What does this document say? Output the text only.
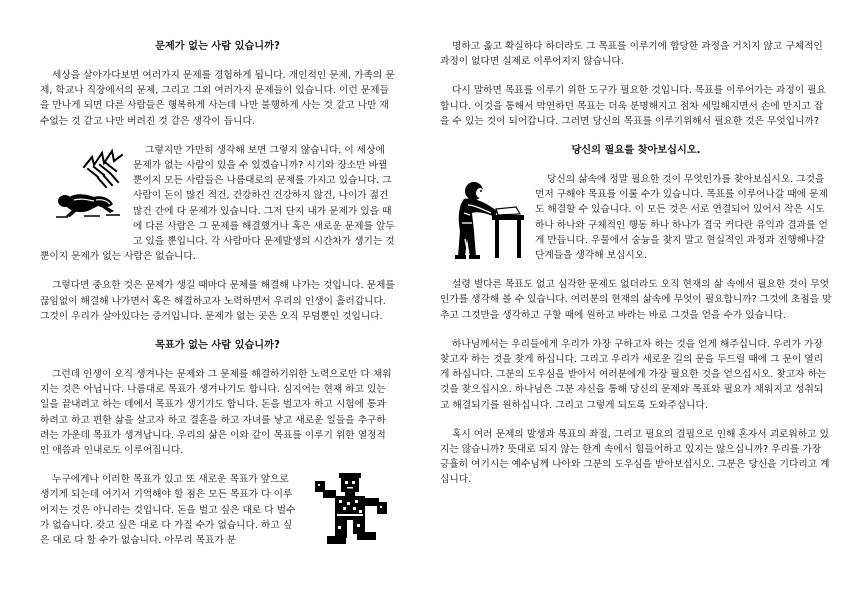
문제가 없는 사람 있습니까?

세상을 살아가다보면 여러가지 문제를 경험하게 됩니다. 개인적인 문제, 가족의 문제, 학교나 직장에서의 문제, 그리고 그외 여러가지 문제들이 있습니다. 이런 문제들을 만나게 되면 다른 사람들은 행복하게 사는데 나만 불행하게 사는 것 같고 나만 재수없는 것 같고 나만 버려진 것 같은 생각이 듭니다.

그렇지만 가만히 생각해 보면 그렇지 않습니다. 이 세상에 문제가 없는 사람이 있을 수 있겠습니까? 시기와 장소만 바뀔 뿐이지 모든 사람들은 나름대로의 문제를 가지고 있습니다. 그 사람이 돈이 많건 적건, 건강하건 건강하지 않건, 나이가 젊건 많건 간에 다 문제가 있습니다. 그저 단지 내가 문제가 있을 때에 다른 사람은 그 문제를 해결했거나 혹은 새로운 문제를 앞두고 있을 뿐입니다. 각 사람마다 문제발생의 시간차가 생기는 것 뿐이지 문제가 없는 사람은 없습니다.

그렇다면 중요한 것은 문제가 생길 때마다 문제를 해결해 나가는 것입니다. 문제를 끊임없이 해결해 나가면서 혹은 해결하고자 노력하면서 우리의 인생이 흘러갑니다. 그것이 우리가 살아있다는 증거입니다. 문제가 없는 곳은 오직 무덤뿐인 것입니다.

목표가 없는 사람 있습니까?

그런데 인생이 오직 생겨나는 문제와 그 문제를 해결하기위한 노력으로만 다 채워지는 것은 아닙니다. 나름대로 목표가 생겨나기도 합니다. 심지어는 현재 하고 있는 일을 끝내려고 하는 데에서 목표가 생기기도 합니다. 돈을 벌고자 하고 시험에 통과하려고 하고 편한 삶을 살고자 하고 결혼을 하고 자녀를 낳고 새로운 일들을 추구하려는 가운데 목표가 생겨납니다. 우리의 삶은 이와 같이 목표를 이루기 위한 열정적인 애씀과 인내로도 이루어집니다.

누구에게나 이러한 목표가 있고 또 새로운 목표가 앞으로 생기게 되는데 여기서 기억해야 할 점은 모든 목표가 다 이루어지는 것은 아니라는 것입니다. 돈을 벌고 싶은 대로 다 벌수가 없습니다. 갖고 싶은 대로 다 가질 수가 없습니다. 하고 싶은 대로 다 할 수가 없습니다. 아무리 목표가 분

명하고 옳고 확실하다 하더라도 그 목표를 이루기에 합당한 과정을 거치지 않고 구체적인 과정이 없다면 실제로 이루어지지 않습니다.

다시 말하면 목표를 이루기 위한 도구가 필요한 것입니다. 목표를 이루어가는 과정이 필요합니다. 이것을 통해서 막연하던 목표는 더욱 분명해지고 점차 세밀해지면서 손에 만지고 잡을 수 있는 것이 되어갑니다. 그러면 당신의 목표를 이루기위해서 필요한 것은 무엇입니까?

당신의 필요를 찾아보십시오.

당신의 삶속에 정말 필요한 것이 무엇인가를 찾아보십시오. 그것을 먼저 구해야 목표를 이룰 수가 있습니다. 목표를 이루어나갈 때에 문제도 해결할 수 있습니다. 이 모든 것은 서로 연결되어 있어서 작은 시도 하나 하나와 구체적인 행동 하나 하나가 결국 커다란 유익과 결과를 얻게 만듭니다. 우물에서 숭늉을 찾지 말고 현실적인 과정과 진행해나갈 단계들을 생각해 보십시오.

설령 별다른 목표도 없고 심각한 문제도 없더라도 오직 현재의 삶 속에서 필요한 것이 무엇인가를 생각해 볼 수 있습니다. 여러분의 현재의 삶속에 무엇이 필요합니까? 그것에 초점을 맞추고 그것만을 생각하고 구할 때에 원하고 바라는 바로 그것을 얻을 수가 있습니다.

하나님께서는 우리들에게 우리가 가장 구하고자 하는 것을 얻게 해주십니다. 우리가 가장 찾고자 하는 것을 찾게 하십니다. 그리고 우리가 새로운 길의 문을 두드릴 때에 그 문이 열리게 하십니다. 그분의 도우심을 받아서 여러분에게 가장 필요한 것을 얻으십시오. 찾고자 하는 것을 찾으십시오. 하나님은 그분 자신을 통해 당신의 문제와 목표와 필요가 채워지고 성취되고 해결되기를 원하십니다. 그리고 그렇게 되도록 도와주십니다.

혹시 여러 문제의 발생과 목표의 좌절, 그리고 필요의 결핍으로 인해 혼자서 괴로워하고 있지는 않습니까? 뜻대로 되지 않는 한계 속에서 힘들어하고 있지는 않으십니까? 우리를 가장 긍휼히 여기시는 예수님께 나아와 그분의 도우심을 받아보십시오. 그분은 당신을 기다리고 계십니다.
